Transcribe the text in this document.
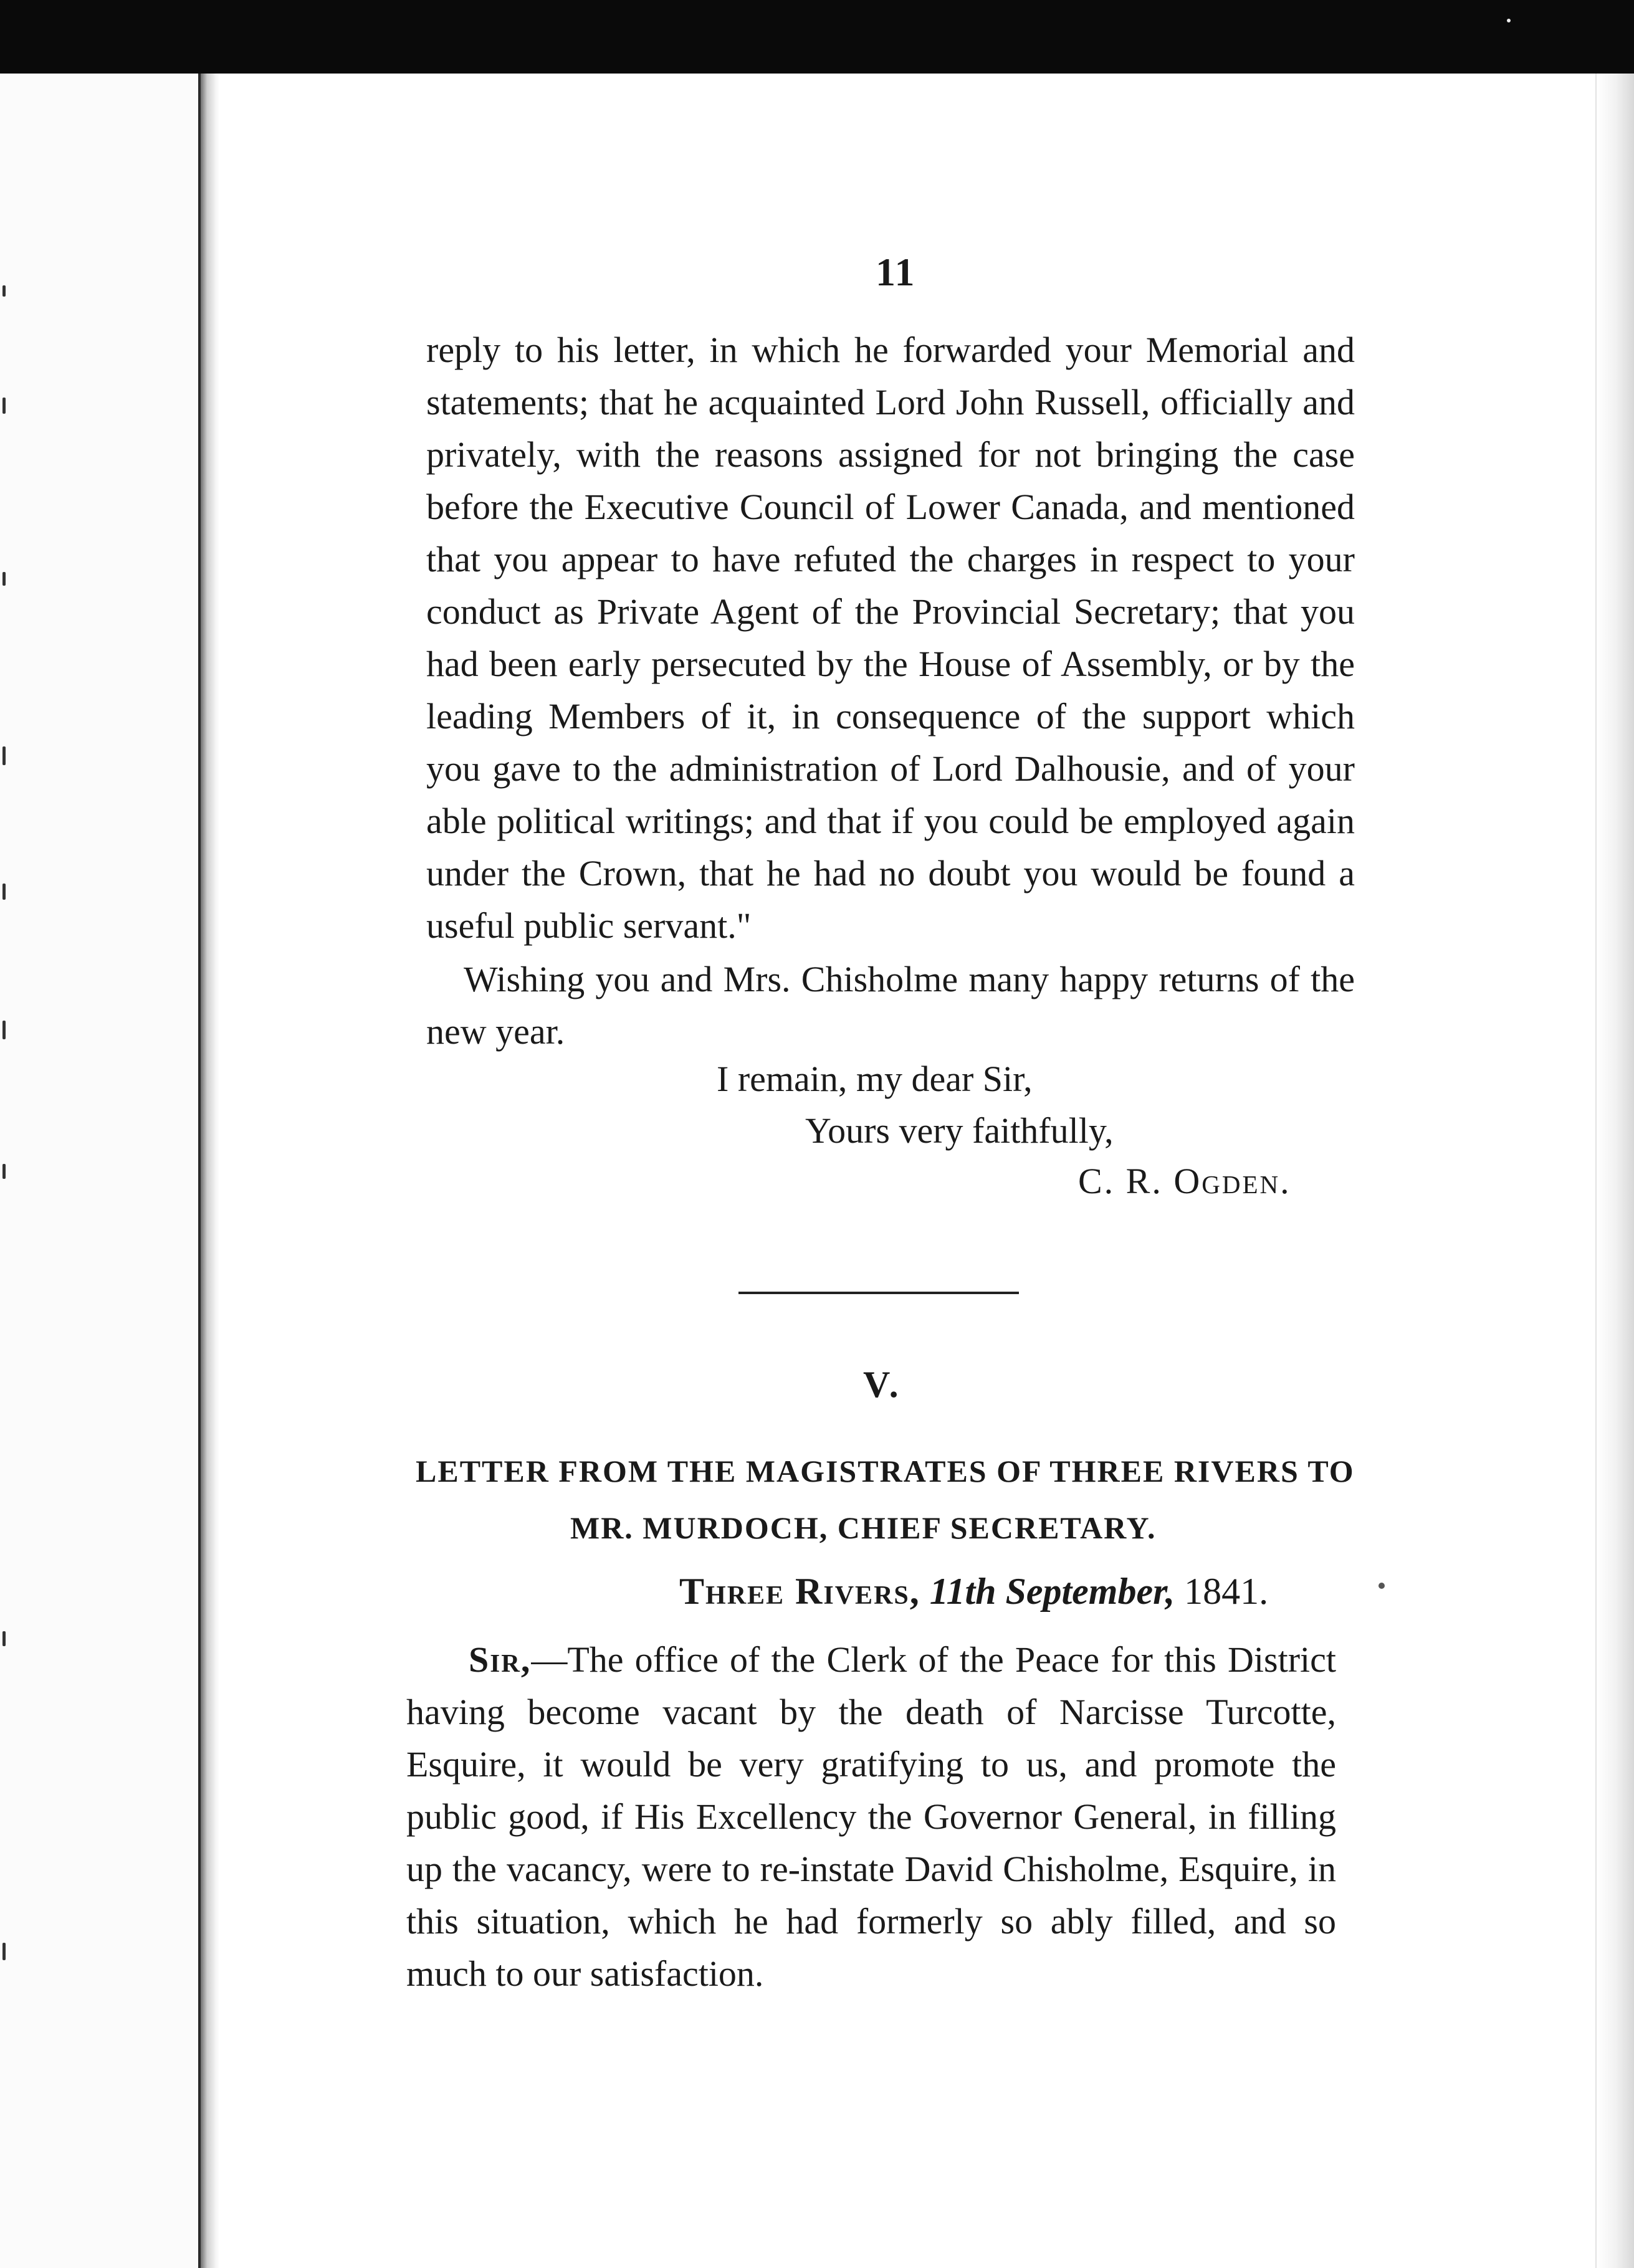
11
reply to his letter, in which he forwarded your Memorial and statements; that he acquainted Lord John Russell, officially and privately, with the reasons assigned for not bringing the case before the Executive Council of Lower Canada, and mentioned that you appear to have refuted the charges in respect to your conduct as Private Agent of the Provincial Secretary; that you had been early persecuted by the House of Assembly, or by the leading Members of it, in consequence of the support which you gave to the administration of Lord Dalhousie, and of your able political writings; and that if you could be employed again under the Crown, that he had no doubt you would be found a useful public servant."
Wishing you and Mrs. Chisholme many happy returns of the new year.
I remain, my dear Sir,
Yours very faithfully,
C. R. Ogden.
V.
LETTER FROM THE MAGISTRATES OF THREE RIVERS TO
MR. MURDOCH, CHIEF SECRETARY.
Three Rivers, 11th September, 1841.
Sir,—The office of the Clerk of the Peace for this District having become vacant by the death of Narcisse Turcotte, Esquire, it would be very gratifying to us, and promote the public good, if His Excellency the Governor General, in filling up the vacancy, were to re-instate David Chisholme, Esquire, in this situation, which he had formerly so ably filled, and so much to our satisfaction.
